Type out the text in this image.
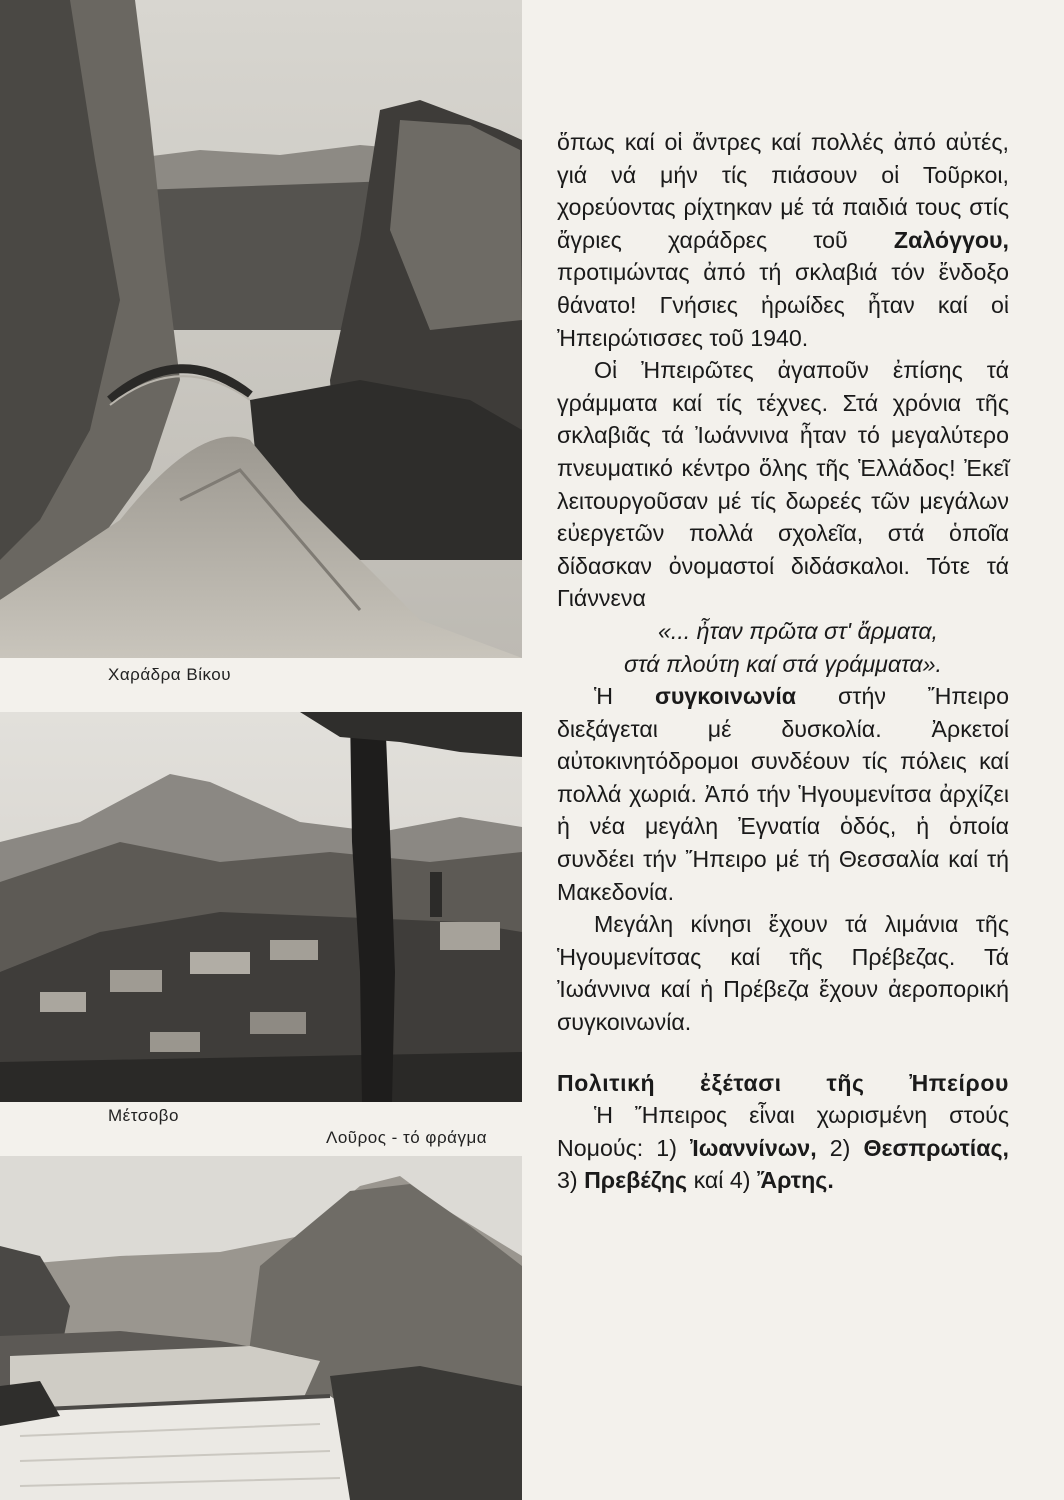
Χαράδρα Βίκου
Μέτσοβο
Λοῦρος - τό φράγμα

ὅπως καί οἱ ἄντρες καί πολλές ἀπό αὐτές, γιά νά μήν τίς πιάσουν οἱ Τοῦρκοι, χορεύοντας ρίχτηκαν μέ τά παιδιά τους στίς ἄγριες χαράδρες τοῦ Ζαλόγγου, προτιμώντας ἀπό τή σκλαβιά τόν ἔνδοξο θάνατο! Γνήσιες ἡρωίδες ἦταν καί οἱ Ἠπειρώτισσες τοῦ 1940.

Οἱ Ἠπειρῶτες ἀγαποῦν ἐπίσης τά γράμματα καί τίς τέχνες. Στά χρόνια τῆς σκλαβιᾶς τά Ἰωάννινα ἦταν τό μεγαλύτερο πνευματικό κέντρο ὅλης τῆς Ἑλλάδος! Ἐκεῖ λειτουργοῦσαν μέ τίς δωρεές τῶν μεγάλων εὐεργετῶν πολλά σχολεῖα, στά ὁποῖα δίδασκαν ὀνομαστοί διδάσκαλοι. Τότε τά Γιάννενα

«... ἦταν πρῶτα στ' ἄρματα,

στά πλούτη καί στά γράμματα».

Ἡ συγκοινωνία στήν Ἤπειρο διεξάγεται μέ δυσκολία. Ἀρκετοί αὐτοκινητόδρομοι συνδέουν τίς πόλεις καί πολλά χωριά. Ἀπό τήν Ἡγουμενίτσα ἀρχίζει ἡ νέα μεγάλη Ἐγνατία ὁδός, ἡ ὁποία συνδέει τήν Ἤπειρο μέ τή Θεσσαλία καί τή Μακεδονία.

Μεγάλη κίνησι ἔχουν τά λιμάνια τῆς Ἡγουμενίτσας καί τῆς Πρέβεζας. Τά Ἰωάννινα καί ἡ Πρέβεζα ἔχουν ἀεροπορική συγκοινωνία.

Πολιτική ἐξέτασι τῆς Ἠπείρου

Ἡ Ἤπειρος εἶναι χωρισμένη στούς Νομούς: 1) Ἰωαννίνων, 2) Θεσπρωτίας, 3) Πρεβέζης καί 4) Ἄρτης.
